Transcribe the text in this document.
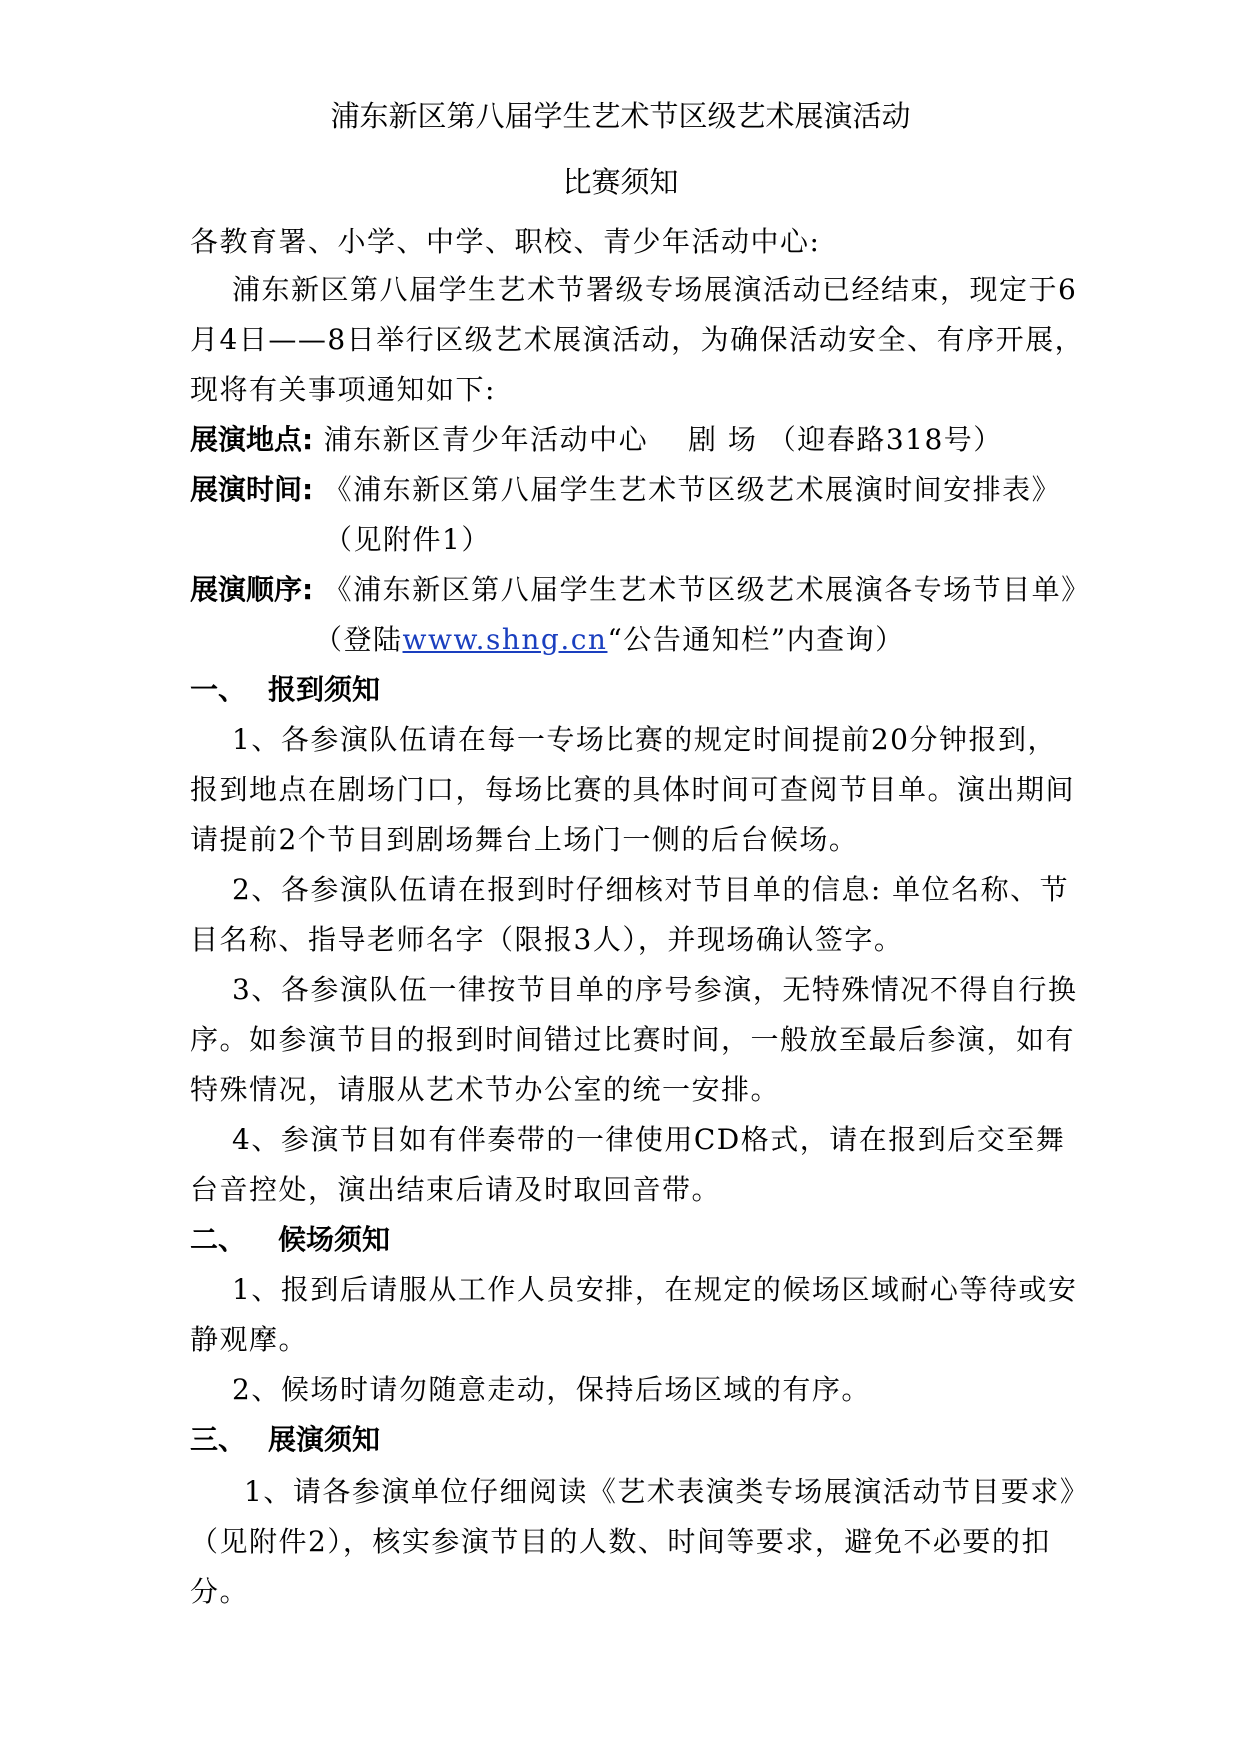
浦东新区第八届学生艺术节区级艺术展演活动
比赛须知
各教育署、小学、中学、职校、青少年活动中心:
浦东新区第八届学生艺术节署级专场展演活动已经结束，现定于6
月4日——8日举行区级艺术展演活动，为确保活动安全、有序开展，
现将有关事项通知如下:
展演地点: 浦东新区青少年活动中心　 剧 场 （迎春路318号）
展演时间: 《浦东新区第八届学生艺术节区级艺术展演时间安排表》
（见附件1）
展演顺序: 《浦东新区第八届学生艺术节区级艺术展演各专场节目单》
（登陆www.shng.cn“公告通知栏”内查询）
一、 报到须知
1、各参演队伍请在每一专场比赛的规定时间提前20分钟报到，
报到地点在剧场门口，每场比赛的具体时间可查阅节目单。演出期间
请提前2个节目到剧场舞台上场门一侧的后台候场。
2、各参演队伍请在报到时仔细核对节目单的信息: 单位名称、节
目名称、指导老师名字（限报3人），并现场确认签字。
3、各参演队伍一律按节目单的序号参演，无特殊情况不得自行换
序。如参演节目的报到时间错过比赛时间，一般放至最后参演，如有
特殊情况，请服从艺术节办公室的统一安排。
4、参演节目如有伴奏带的一律使用CD格式，请在报到后交至舞
台音控处，演出结束后请及时取回音带。
二、 候场须知
1、报到后请服从工作人员安排，在规定的候场区域耐心等待或安
静观摩。
2、候场时请勿随意走动，保持后场区域的有序。
三、 展演须知
1、请各参演单位仔细阅读《艺术表演类专场展演活动节目要求》
（见附件2），核实参演节目的人数、时间等要求，避免不必要的扣
分。
